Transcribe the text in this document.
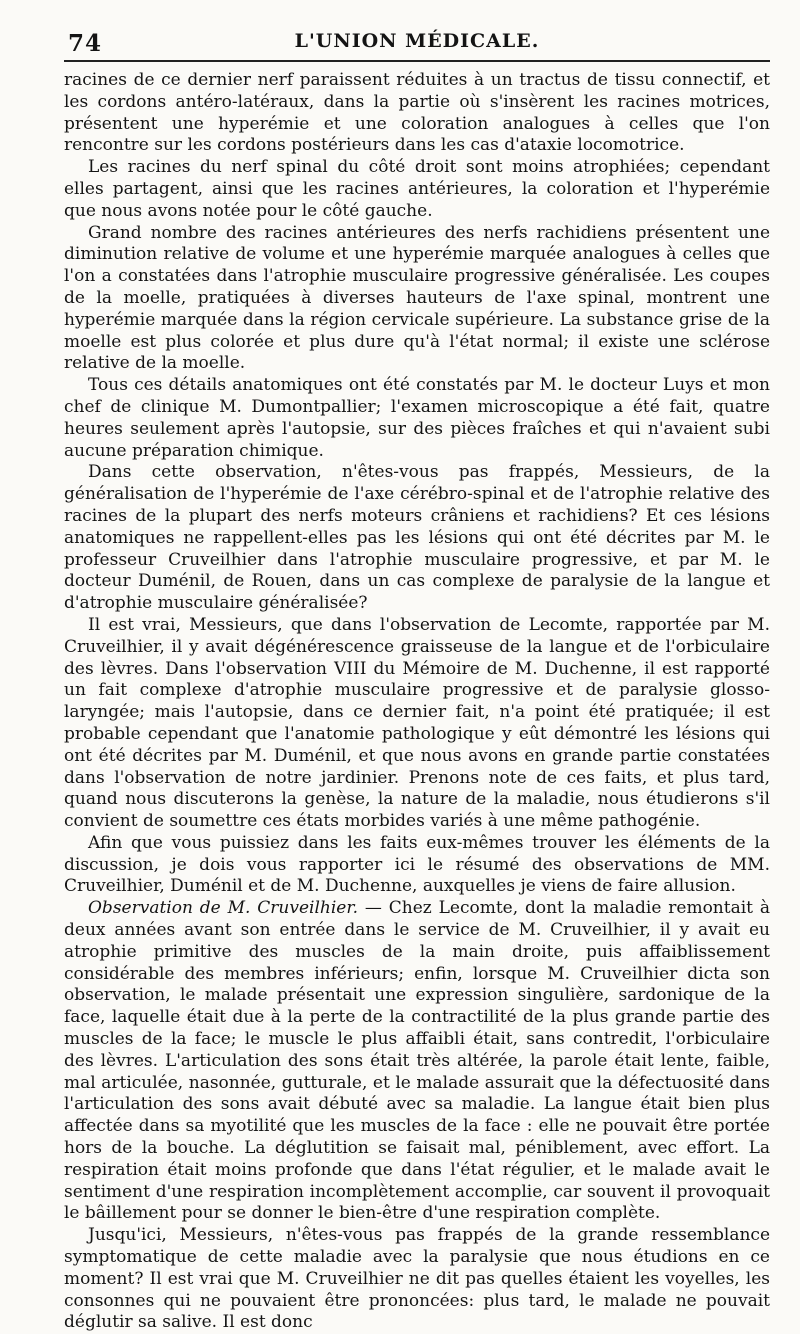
74	L'UNION MÉDICALE.

racines de ce dernier nerf paraissent réduites à un tractus de tissu connectif, et les cordons antéro-latéraux, dans la partie où s'insèrent les racines motrices, présentent une hyperémie et une coloration analogues à celles que l'on rencontre sur les cordons postérieurs dans les cas d'ataxie locomotrice.

Les racines du nerf spinal du côté droit sont moins atrophiées; cependant elles partagent, ainsi que les racines antérieures, la coloration et l'hyperémie que nous avons notée pour le côté gauche.

Grand nombre des racines antérieures des nerfs rachidiens présentent une diminution relative de volume et une hyperémie marquée analogues à celles que l'on a constatées dans l'atrophie musculaire progressive généralisée. Les coupes de la moelle, pratiquées à diverses hauteurs de l'axe spinal, montrent une hyperémie marquée dans la région cervicale supérieure. La substance grise de la moelle est plus colorée et plus dure qu'à l'état normal; il existe une sclérose relative de la moelle.

Tous ces détails anatomiques ont été constatés par M. le docteur Luys et mon chef de clinique M. Dumontpallier; l'examen microscopique a été fait, quatre heures seulement après l'autopsie, sur des pièces fraîches et qui n'avaient subi aucune préparation chimique.

Dans cette observation, n'êtes-vous pas frappés, Messieurs, de la généralisation de l'hyperémie de l'axe cérébro-spinal et de l'atrophie relative des racines de la plupart des nerfs moteurs crâniens et rachidiens? Et ces lésions anatomiques ne rappellent-elles pas les lésions qui ont été décrites par M. le professeur Cruveilhier dans l'atrophie musculaire progressive, et par M. le docteur Duménil, de Rouen, dans un cas complexe de paralysie de la langue et d'atrophie musculaire généralisée?

Il est vrai, Messieurs, que dans l'observation de Lecomte, rapportée par M. Cruveilhier, il y avait dégénérescence graisseuse de la langue et de l'orbiculaire des lèvres. Dans l'observation VIII du Mémoire de M. Duchenne, il est rapporté un fait complexe d'atrophie musculaire progressive et de paralysie glosso-laryngée; mais l'autopsie, dans ce dernier fait, n'a point été pratiquée; il est probable cependant que l'anatomie pathologique y eût démontré les lésions qui ont été décrites par M. Duménil, et que nous avons en grande partie constatées dans l'observation de notre jardinier. Prenons note de ces faits, et plus tard, quand nous discuterons la genèse, la nature de la maladie, nous étudierons s'il convient de soumettre ces états morbides variés à une même pathogénie.

Afin que vous puissiez dans les faits eux-mêmes trouver les éléments de la discussion, je dois vous rapporter ici le résumé des observations de MM. Cruveilhier, Duménil et de M. Duchenne, auxquelles je viens de faire allusion.

Observation de M. Cruveilhier. — Chez Lecomte, dont la maladie remontait à deux années avant son entrée dans le service de M. Cruveilhier, il y avait eu atrophie primitive des muscles de la main droite, puis affaiblissement considérable des membres inférieurs; enfin, lorsque M. Cruveilhier dicta son observation, le malade présentait une expression singulière, sardonique de la face, laquelle était due à la perte de la contractilité de la plus grande partie des muscles de la face; le muscle le plus affaibli était, sans contredit, l'orbiculaire des lèvres. L'articulation des sons était très altérée, la parole était lente, faible, mal articulée, nasonnée, gutturale, et le malade assurait que la défectuosité dans l'articulation des sons avait débuté avec sa maladie. La langue était bien plus affectée dans sa myotilité que les muscles de la face : elle ne pouvait être portée hors de la bouche. La déglutition se faisait mal, péniblement, avec effort. La respiration était moins profonde que dans l'état régulier, et le malade avait le sentiment d'une respiration incomplètement accomplie, car souvent il provoquait le bâillement pour se donner le bien-être d'une respiration complète.

Jusqu'ici, Messieurs, n'êtes-vous pas frappés de la grande ressemblance symptomatique de cette maladie avec la paralysie que nous étudions en ce moment? Il est vrai que M. Cruveilhier ne dit pas quelles étaient les voyelles, les consonnes qui ne pouvaient être prononcées: plus tard, le malade ne pouvait déglutir sa salive. Il est donc
